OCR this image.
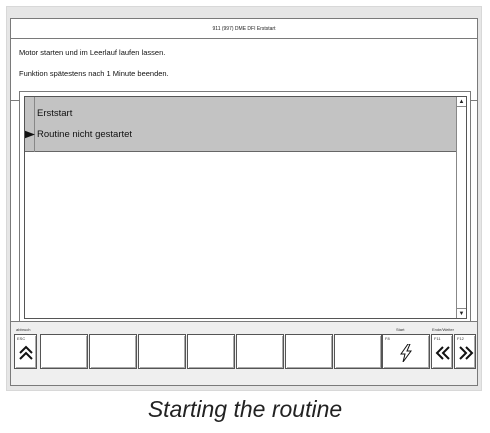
911 (997) DME DFI Erststart

Motor starten und im Leerlauf laufen lassen.

Funktion spätestens nach 1 Minute beenden.

Erststart
Routine nicht gestartet
▲
▼
abbruch	Start	Ende/Weiter
ESC	F8	F11	F12
Starting the routine
